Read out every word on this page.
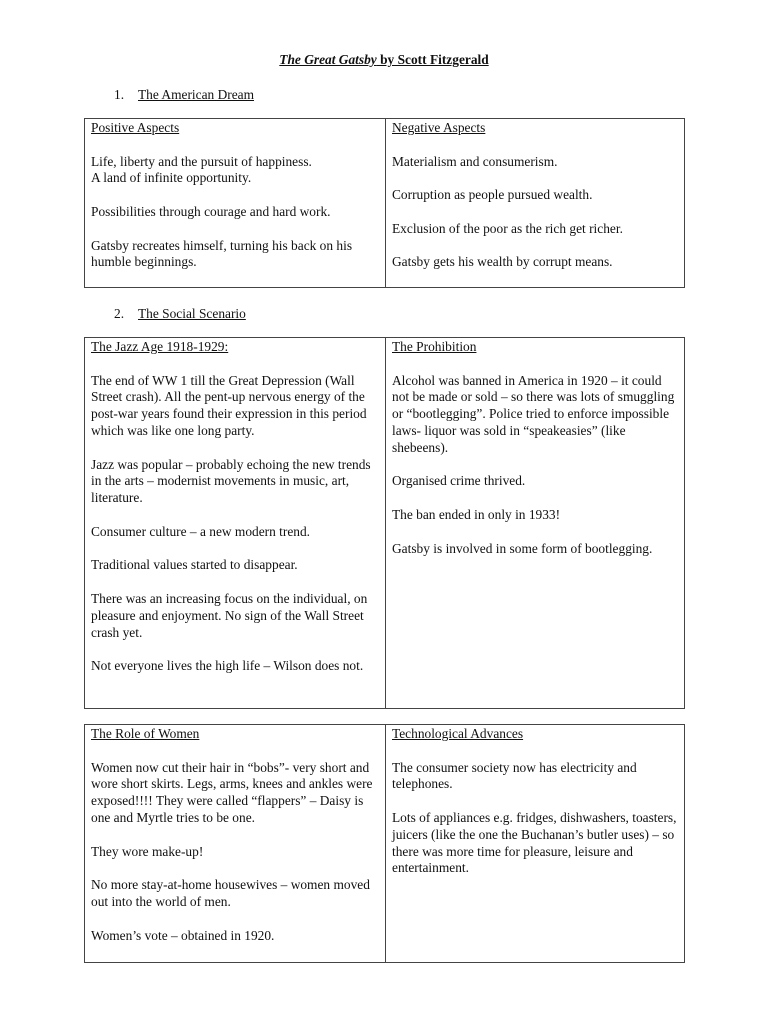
The Great Gatsby by Scott Fitzgerald
1. The American Dream
Positive Aspects

Life, liberty and the pursuit of happiness.
A land of infinite opportunity.

Possibilities through courage and hard work.

Gatsby recreates himself, turning his back on his humble beginnings.

Negative Aspects

Materialism and consumerism.

Corruption as people pursued wealth.

Exclusion of the poor as the rich get richer.

Gatsby gets his wealth by corrupt means.

2. The Social Scenario
The Jazz Age 1918-1929:

The end of WW 1 till the Great Depression (Wall Street crash). All the pent-up nervous energy of the post-war years found their expression in this period which was like one long party.

Jazz was popular – probably echoing the new trends in the arts – modernist movements in music, art, literature.

Consumer culture – a new modern trend.

Traditional values started to disappear.

There was an increasing focus on the individual, on pleasure and enjoyment. No sign of the Wall Street crash yet.

Not everyone lives the high life – Wilson does not.

The Prohibition

Alcohol was banned in America in 1920 – it could not be made or sold – so there was lots of smuggling or “bootlegging”. Police tried to enforce impossible laws- liquor was sold in “speakeasies” (like shebeens).

Organised crime thrived.

The ban ended in only in 1933!

Gatsby is involved in some form of bootlegging.

The Role of Women

Women now cut their hair in “bobs”- very short and wore short skirts. Legs, arms, knees and ankles were exposed!!!! They were called “flappers” – Daisy is one and Myrtle tries to be one.

They wore make-up!

No more stay-at-home housewives – women moved out into the world of men.

Women’s vote – obtained in 1920.

Technological Advances

The consumer society now has electricity and telephones.

Lots of appliances e.g. fridges, dishwashers, toasters, juicers (like the one the Buchanan’s butler uses) – so there was more time for pleasure, leisure and entertainment.
